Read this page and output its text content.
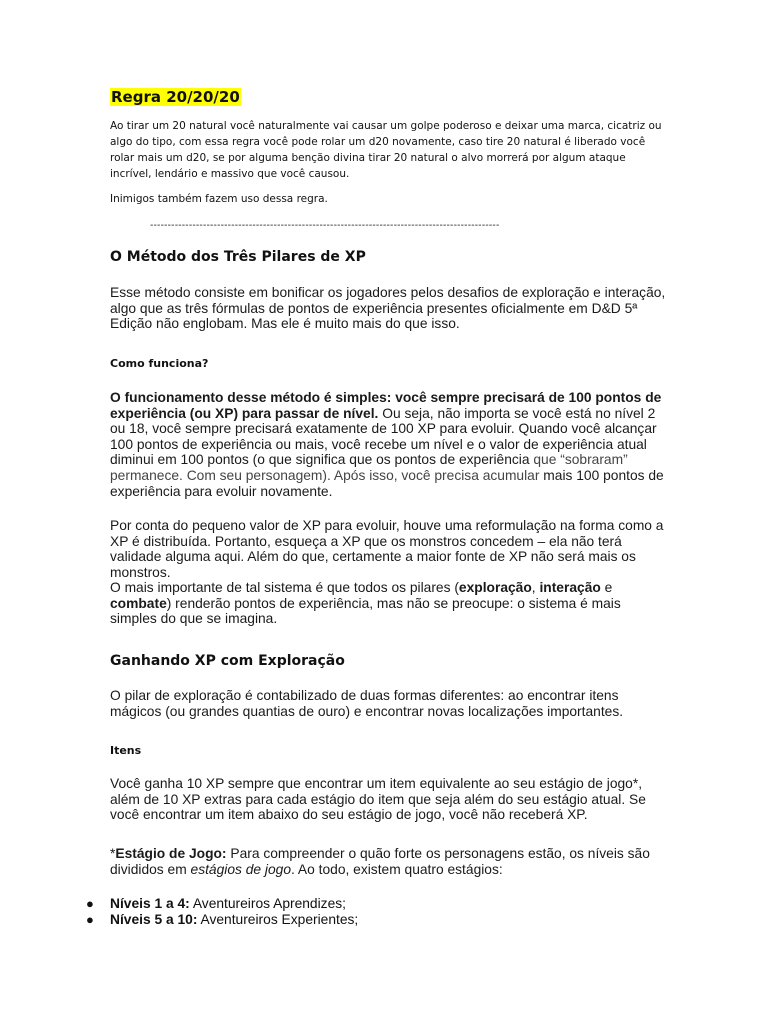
Regra 20/20/20

Ao tirar um 20 natural você naturalmente vai causar um golpe poderoso e deixar uma marca, cicatriz ou algo do tipo, com essa regra você pode rolar um d20 novamente, caso tire 20 natural é liberado você rolar mais um d20, se por alguma benção divina tirar 20 natural o alvo morrerá por algum ataque incrível, lendário e massivo que você causou.

Inimigos também fazem uso dessa regra.

---------------------------------------------------------------------------------------------------
O Método dos Três Pilares de XP

Esse método consiste em bonificar os jogadores pelos desafios de exploração e interação, algo que as três fórmulas de pontos de experiência presentes oficialmente em D&D 5ª Edição não englobam. Mas ele é muito mais do que isso.

Como funciona?

O funcionamento desse método é simples: você sempre precisará de 100 pontos de experiência (ou XP) para passar de nível. Ou seja, não importa se você está no nível 2 ou 18, você sempre precisará exatamente de 100 XP para evoluir. Quando você alcançar 100 pontos de experiência ou mais, você recebe um nível e o valor de experiência atual diminui em 100 pontos (o que significa que os pontos de experiência que “sobraram” permanece. Com seu personagem). Após isso, você precisa acumular mais 100 pontos de experiência para evoluir novamente.

Por conta do pequeno valor de XP para evoluir, houve uma reformulação na forma como a XP é distribuída. Portanto, esqueça a XP que os monstros concedem – ela não terá validade alguma aqui. Além do que, certamente a maior fonte de XP não será mais os monstros.

O mais importante de tal sistema é que todos os pilares (exploração, interação e combate) renderão pontos de experiência, mas não se preocupe: o sistema é mais simples do que se imagina.

Ganhando XP com Exploração

O pilar de exploração é contabilizado de duas formas diferentes: ao encontrar itens mágicos (ou grandes quantias de ouro) e encontrar novas localizações importantes.

Itens

Você ganha 10 XP sempre que encontrar um item equivalente ao seu estágio de jogo*, além de 10 XP extras para cada estágio do item que seja além do seu estágio atual. Se você encontrar um item abaixo do seu estágio de jogo, você não receberá XP.

*Estágio de Jogo: Para compreender o quão forte os personagens estão, os níveis são divididos em estágios de jogo. Ao todo, existem quatro estágios:

● Níveis 1 a 4: Aventureiros Aprendizes;
● Níveis 5 a 10: Aventureiros Experientes;
